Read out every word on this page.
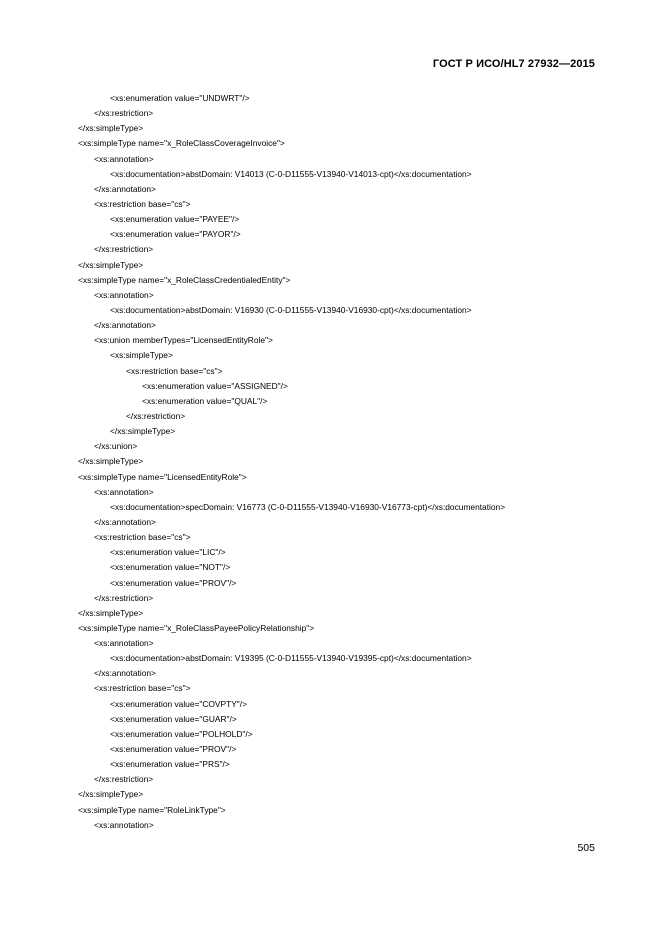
ГОСТ Р ИСО/HL7 27932—2015
<xs:enumeration value="UNDWRT"/>
</xs:restriction>
</xs:simpleType>
<xs:simpleType name="x_RoleClassCoverageInvoice">
<xs:annotation>
<xs:documentation>abstDomain: V14013 (C-0-D11555-V13940-V14013-cpt)</xs:documentation>
</xs:annotation>
<xs:restriction base="cs">
<xs:enumeration value="PAYEE"/>
<xs:enumeration value="PAYOR"/>
</xs:restriction>
</xs:simpleType>
<xs:simpleType name="x_RoleClassCredentialedEntity">
<xs:annotation>
<xs:documentation>abstDomain: V16930 (C-0-D11555-V13940-V16930-cpt)</xs:documentation>
</xs:annotation>
<xs:union memberTypes="LicensedEntityRole">
<xs:simpleType>
<xs:restriction base="cs">
<xs:enumeration value="ASSIGNED"/>
<xs:enumeration value="QUAL"/>
</xs:restriction>
</xs:simpleType>
</xs:union>
</xs:simpleType>
<xs:simpleType name="LicensedEntityRole">
<xs:annotation>
<xs:documentation>specDomain: V16773 (C-0-D11555-V13940-V16930-V16773-cpt)</xs:documentation>
</xs:annotation>
<xs:restriction base="cs">
<xs:enumeration value="LIC"/>
<xs:enumeration value="NOT"/>
<xs:enumeration value="PROV"/>
</xs:restriction>
</xs:simpleType>
<xs:simpleType name="x_RoleClassPayeePolicyRelationship">
<xs:annotation>
<xs:documentation>abstDomain: V19395 (C-0-D11555-V13940-V19395-cpt)</xs:documentation>
</xs:annotation>
<xs:restriction base="cs">
<xs:enumeration value="COVPTY"/>
<xs:enumeration value="GUAR"/>
<xs:enumeration value="POLHOLD"/>
<xs:enumeration value="PROV"/>
<xs:enumeration value="PRS"/>
</xs:restriction>
</xs:simpleType>
<xs:simpleType name="RoleLinkType">
<xs:annotation>
505
